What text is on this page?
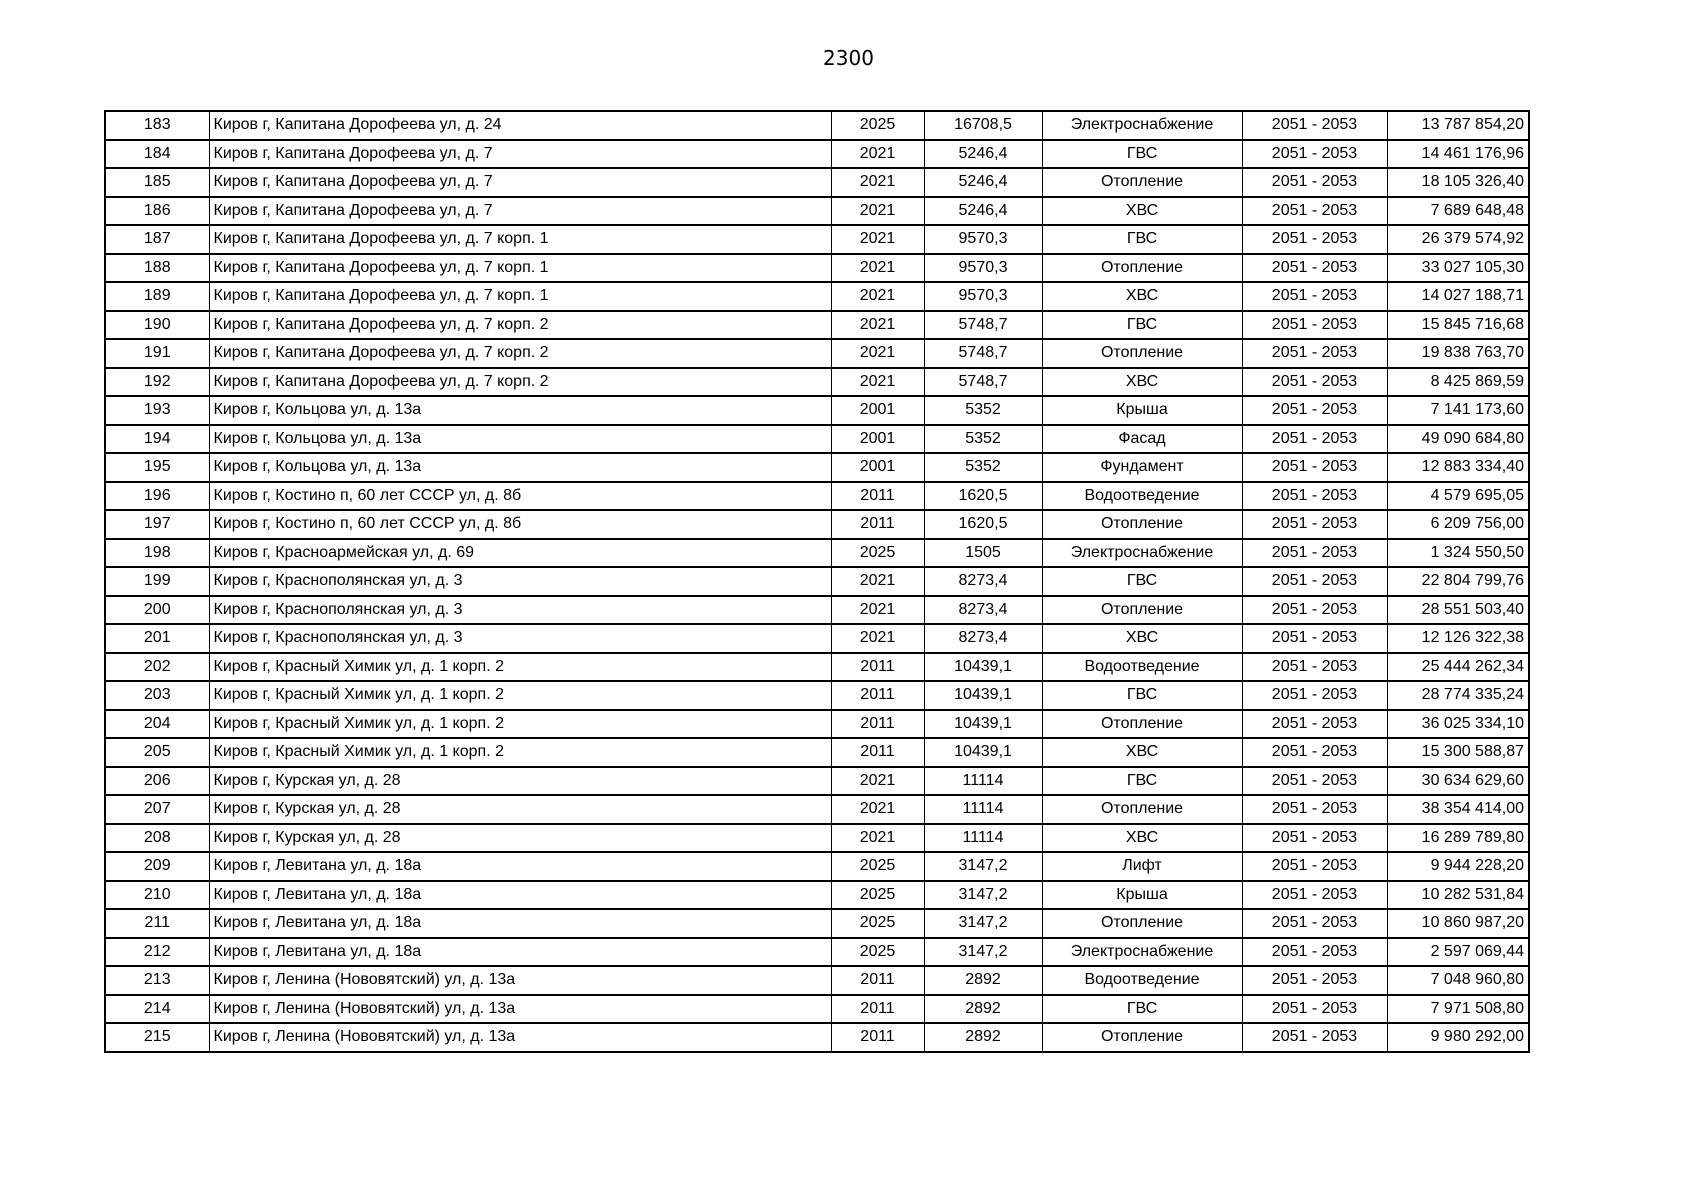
2300
183	Киров г, Капитана Дорофеева ул, д. 24	2025	16708,5	Электроснабжение	2051 - 2053	13 787 854,20
184	Киров г, Капитана Дорофеева ул, д. 7	2021	5246,4	ГВС	2051 - 2053	14 461 176,96
185	Киров г, Капитана Дорофеева ул, д. 7	2021	5246,4	Отопление	2051 - 2053	18 105 326,40
186	Киров г, Капитана Дорофеева ул, д. 7	2021	5246,4	ХВС	2051 - 2053	7 689 648,48
187	Киров г, Капитана Дорофеева ул, д. 7 корп. 1	2021	9570,3	ГВС	2051 - 2053	26 379 574,92
188	Киров г, Капитана Дорофеева ул, д. 7 корп. 1	2021	9570,3	Отопление	2051 - 2053	33 027 105,30
189	Киров г, Капитана Дорофеева ул, д. 7 корп. 1	2021	9570,3	ХВС	2051 - 2053	14 027 188,71
190	Киров г, Капитана Дорофеева ул, д. 7 корп. 2	2021	5748,7	ГВС	2051 - 2053	15 845 716,68
191	Киров г, Капитана Дорофеева ул, д. 7 корп. 2	2021	5748,7	Отопление	2051 - 2053	19 838 763,70
192	Киров г, Капитана Дорофеева ул, д. 7 корп. 2	2021	5748,7	ХВС	2051 - 2053	8 425 869,59
193	Киров г, Кольцова ул, д. 13а	2001	5352	Крыша	2051 - 2053	7 141 173,60
194	Киров г, Кольцова ул, д. 13а	2001	5352	Фасад	2051 - 2053	49 090 684,80
195	Киров г, Кольцова ул, д. 13а	2001	5352	Фундамент	2051 - 2053	12 883 334,40
196	Киров г, Костино п, 60 лет СССР ул, д. 8б	2011	1620,5	Водоотведение	2051 - 2053	4 579 695,05
197	Киров г, Костино п, 60 лет СССР ул, д. 8б	2011	1620,5	Отопление	2051 - 2053	6 209 756,00
198	Киров г, Красноармейская ул, д. 69	2025	1505	Электроснабжение	2051 - 2053	1 324 550,50
199	Киров г, Краснополянская ул, д. 3	2021	8273,4	ГВС	2051 - 2053	22 804 799,76
200	Киров г, Краснополянская ул, д. 3	2021	8273,4	Отопление	2051 - 2053	28 551 503,40
201	Киров г, Краснополянская ул, д. 3	2021	8273,4	ХВС	2051 - 2053	12 126 322,38
202	Киров г, Красный Химик ул, д. 1 корп. 2	2011	10439,1	Водоотведение	2051 - 2053	25 444 262,34
203	Киров г, Красный Химик ул, д. 1 корп. 2	2011	10439,1	ГВС	2051 - 2053	28 774 335,24
204	Киров г, Красный Химик ул, д. 1 корп. 2	2011	10439,1	Отопление	2051 - 2053	36 025 334,10
205	Киров г, Красный Химик ул, д. 1 корп. 2	2011	10439,1	ХВС	2051 - 2053	15 300 588,87
206	Киров г, Курская ул, д. 28	2021	11114	ГВС	2051 - 2053	30 634 629,60
207	Киров г, Курская ул, д. 28	2021	11114	Отопление	2051 - 2053	38 354 414,00
208	Киров г, Курская ул, д. 28	2021	11114	ХВС	2051 - 2053	16 289 789,80
209	Киров г, Левитана ул, д. 18а	2025	3147,2	Лифт	2051 - 2053	9 944 228,20
210	Киров г, Левитана ул, д. 18а	2025	3147,2	Крыша	2051 - 2053	10 282 531,84
211	Киров г, Левитана ул, д. 18а	2025	3147,2	Отопление	2051 - 2053	10 860 987,20
212	Киров г, Левитана ул, д. 18а	2025	3147,2	Электроснабжение	2051 - 2053	2 597 069,44
213	Киров г, Ленина (Нововятский) ул, д. 13а	2011	2892	Водоотведение	2051 - 2053	7 048 960,80
214	Киров г, Ленина (Нововятский) ул, д. 13а	2011	2892	ГВС	2051 - 2053	7 971 508,80
215	Киров г, Ленина (Нововятский) ул, д. 13а	2011	2892	Отопление	2051 - 2053	9 980 292,00
